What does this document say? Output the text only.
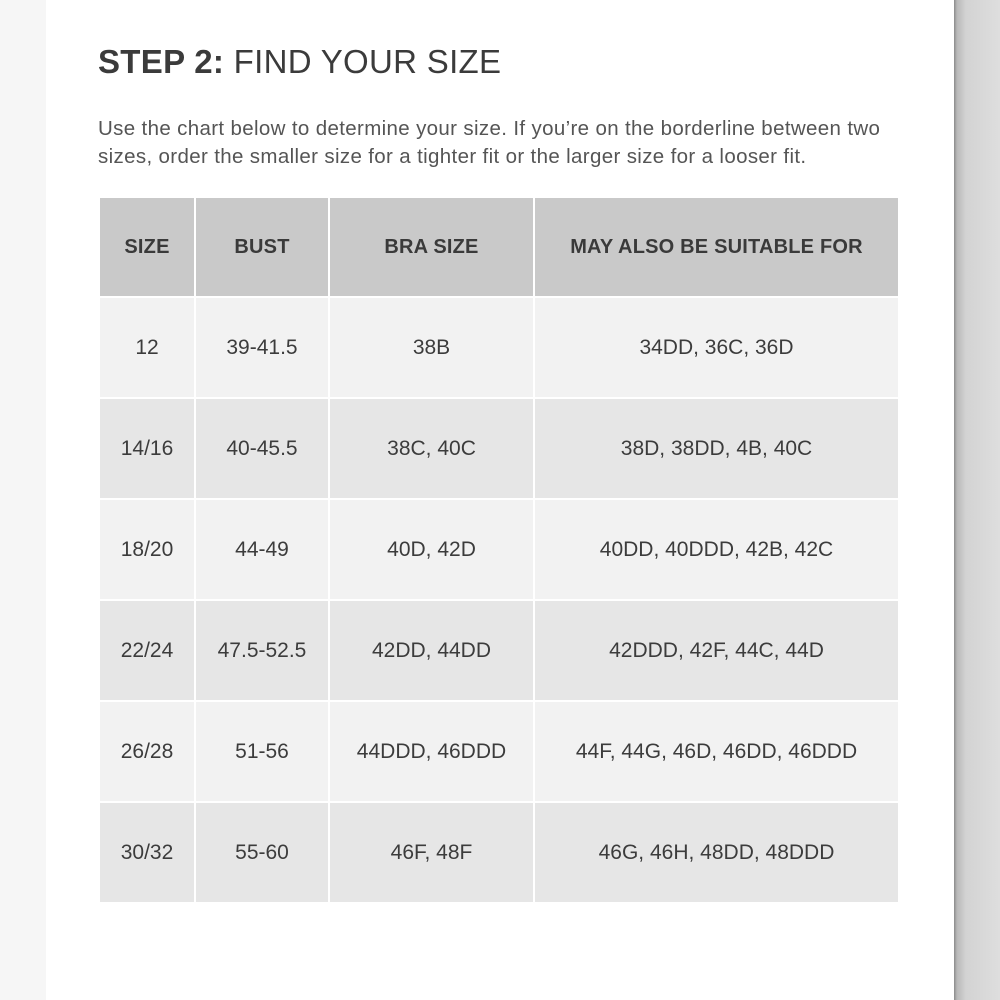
STEP 2: FIND YOUR SIZE

Use the chart below to determine your size. If you’re on the borderline between two sizes, order the smaller size for a tighter fit or the larger size for a looser fit.

SIZE	BUST	BRA SIZE	MAY ALSO BE SUITABLE FOR
12	39-41.5	38B	34DD, 36C, 36D
14/16	40-45.5	38C, 40C	38D, 38DD, 4B, 40C
18/20	44-49	40D, 42D	40DD, 40DDD, 42B, 42C
22/24	47.5-52.5	42DD, 44DD	42DDD, 42F, 44C, 44D
26/28	51-56	44DDD, 46DDD	44F, 44G, 46D, 46DD, 46DDD
30/32	55-60	46F, 48F	46G, 46H, 48DD, 48DDD
